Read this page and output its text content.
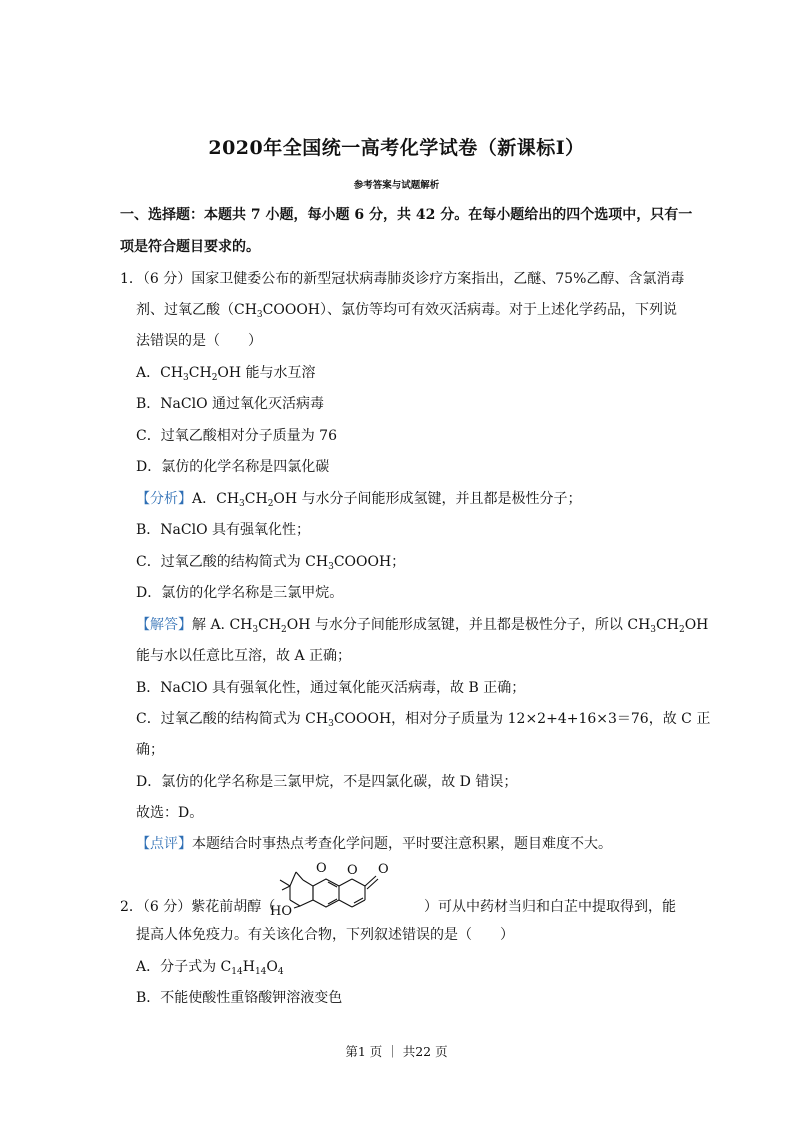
2020年全国统一高考化学试卷（新课标Ⅰ）
参考答案与试题解析
一、选择题：本题共 7 小题，每小题 6 分，共 42 分。在每小题给出的四个选项中，只有一
项是符合题目要求的。
1．（6 分）国家卫健委公布的新型冠状病毒肺炎诊疗方案指出，乙醚、75%乙醇、含氯消毒
剂、过氧乙酸$(CH_3COOOH)$、氯仿等均可有效灭活病毒。对于上述化学药品，下列说
法错误的是（　　）
A．$CH_3CH_2OH$ 能与水互溶
B．NaClO 通过氧化灭活病毒
C．过氧乙酸相对分子质量为 76
D．氯仿的化学名称是四氯化碳
【分析】A．$CH_3CH_2OH$ 与水分子间能形成氢键，并且都是极性分子；
B．NaClO 具有强氧化性；
C．过氧乙酸的结构简式为 $CH_3COOOH$；
D．氯仿的化学名称是三氯甲烷。
【解答】解 A. $CH_3CH_2OH$ 与水分子间能形成氢键，并且都是极性分子，所以 $CH_3CH_2OH$
能与水以任意比互溶，故 A 正确；
B．NaClO 具有强氧化性，通过氧化能灭活病毒，故 B 正确；
C．过氧乙酸的结构简式为 $CH_3COOOH$，相对分子质量为 12×2+4+16×3＝76，故 C 正
确；
D．氯仿的化学名称是三氯甲烷，不是四氯化碳，故 D 错误；
故选：D。
【点评】本题结合时事热点考查化学问题，平时要注意积累，题目难度不大。
2．（6 分）紫花前胡醇（
HO
O O O
）可从中药材当归和白芷中提取得到，能
提高人体免疫力。有关该化合物，下列叙述错误的是（　　）
A．分子式为 $C_{14}H_{14}O_4$
B．不能使酸性重铬酸钾溶液变色
第1 页 ｜ 共22 页
